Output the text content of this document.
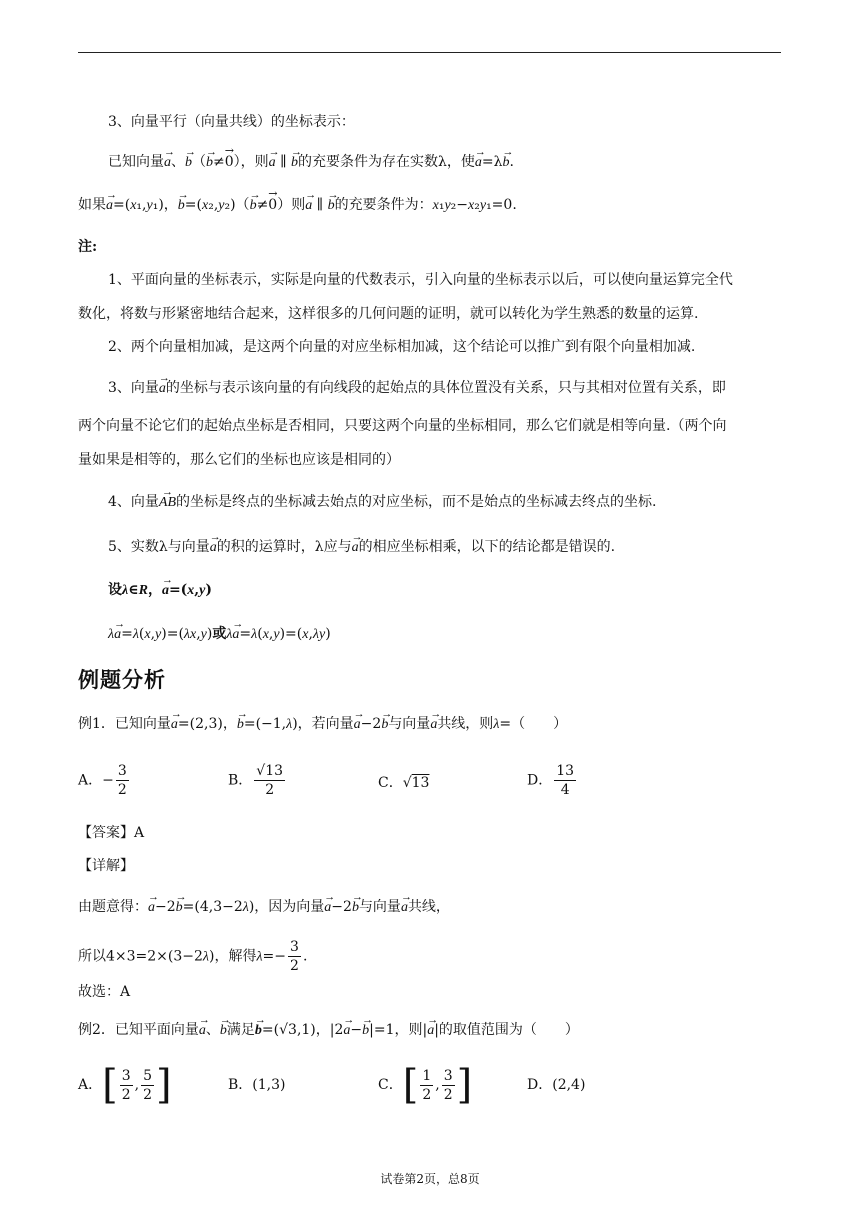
3、向量平行（向量共线）的坐标表示：
已知向量→ a、→ b（→ b≠→ 0），则→ a ∥ → b的充要条件为存在实数λ，使→ a=λ→ b.
如果→ a=(x₁,y₁)，→ b=(x₂,y₂)（→ b≠→ 0）则→ a ∥ → b的充要条件为：x₁y₂−x₂y₁=0.
注:
1、平面向量的坐标表示，实际是向量的代数表示，引入向量的坐标表示以后，可以使向量运算完全代
数化，将数与形紧密地结合起来，这样很多的几何问题的证明，就可以转化为学生熟悉的数量的运算.
2、两个向量相加减，是这两个向量的对应坐标相加减，这个结论可以推广到有限个向量相加减.
3、向量→ a的坐标与表示该向量的有向线段的起始点的具体位置没有关系，只与其相对位置有关系，即
两个向量不论它们的起始点坐标是否相同，只要这两个向量的坐标相同，那么它们就是相等向量.（两个向
量如果是相等的，那么它们的坐标也应该是相同的）
4、向量→ AB的坐标是终点的坐标减去始点的对应坐标，而不是始点的坐标减去终点的坐标.
5、实数λ与向量→ a的积的运算时，λ应与→ a的相应坐标相乘，以下的结论都是错误的.
设λ∈R，→ a=(x,y)
λ→ a=λ(x,y)=(λx,y)或λ→ a=λ(x,y)=(x,λy)
例题分析
例1．已知向量→ a=(2,3)，→ b=(−1,λ)，若向量→ a−2→ b与向量→ a共线，则λ=（　　）
A．− $\frac{3}{2}$	B． $\frac{√13}{2}$	C．√13	D． $\frac{13}{4}$
【答案】A
【详解】
由题意得：→ a−2→ b=(4,3−2λ)，因为向量→ a−2→ b与向量→ a共线，
所以4×3=2×(3−2λ)，解得$\lambda=- \frac{3}{2}$ .
故选：A
例2．已知平面向量→ a、→ b满足→ b=(√3,1)，|2→ a−→ b|=1，则|→ a|的取值范围为（　　）
A．[ $\frac{3}{2}$ , $\frac{5}{2}$ ]	B．(1,3)	C．[ $\frac{1}{2}$ , $\frac{3}{2}$ ]	D．(2,4)
试卷第2页，总8页
